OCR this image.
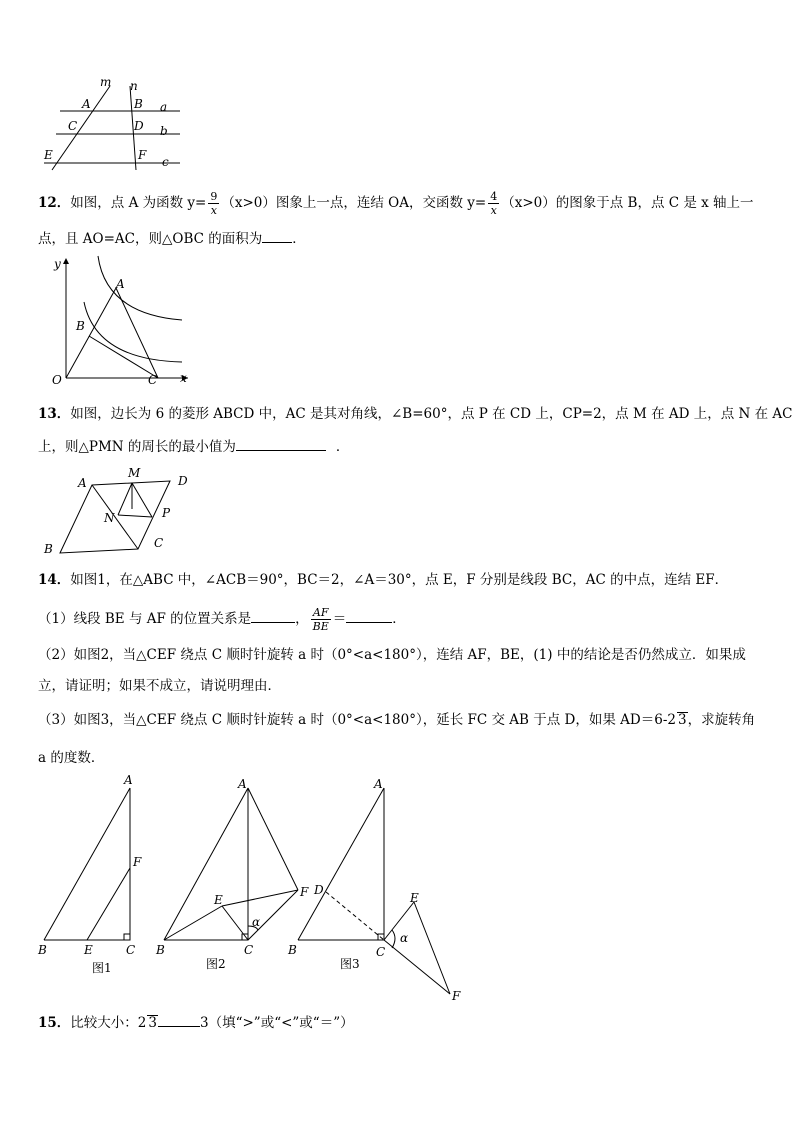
m n
A	B a
C	D b
E	F c
12．如图，点 A 为函数 $y= \frac{9}{x} (x>0)$图象上一点，连结 OA，交函数 $y= \frac{4}{x} (x>0)$的图象于点 B，点 C 是 x 轴上一
点，且 AO=AC，则△OBC 的面积为 ．
y
A
B
O	C x
13．如图，边长为 6 的菱形 ABCD 中，AC 是其对角线，∠B=60°，点 P 在 CD 上，CP=2，点 M 在 AD 上，点 N 在 AC
上，则△PMN 的周长的最小值为	．
A
M
D
N	P
B	C
14．如图1，在△ABC 中，∠ACB＝90°，BC＝2，∠A＝30°，点 E，F 分别是线段 BC，AC 的中点，连结 EF．
（1）线段 BE 与 AF 的位置关系是	， $\frac{AF}{BE}$ ＝	．
（2）如图2，当△CEF 绕点 C 顺时针旋转 a 时（0°<a<180°），连结 AF，BE，(1) 中的结论是否仍然成立．如果成
立，请证明；如果不成立，请说明理由．
（3）如图3，当△CEF 绕点 C 顺时针旋转 a 时（0°<a<180°），延长 FC 交 AB 于点 D，如果 AD＝6-2 3，求旋转角
a 的度数．
A
F
B	E	C
图1
A
E
F
α
B	C
图2
A
D
E
α
B	C
F
图3
15．比较大小：2 3	3（填“>”或“<”或“＝”）
